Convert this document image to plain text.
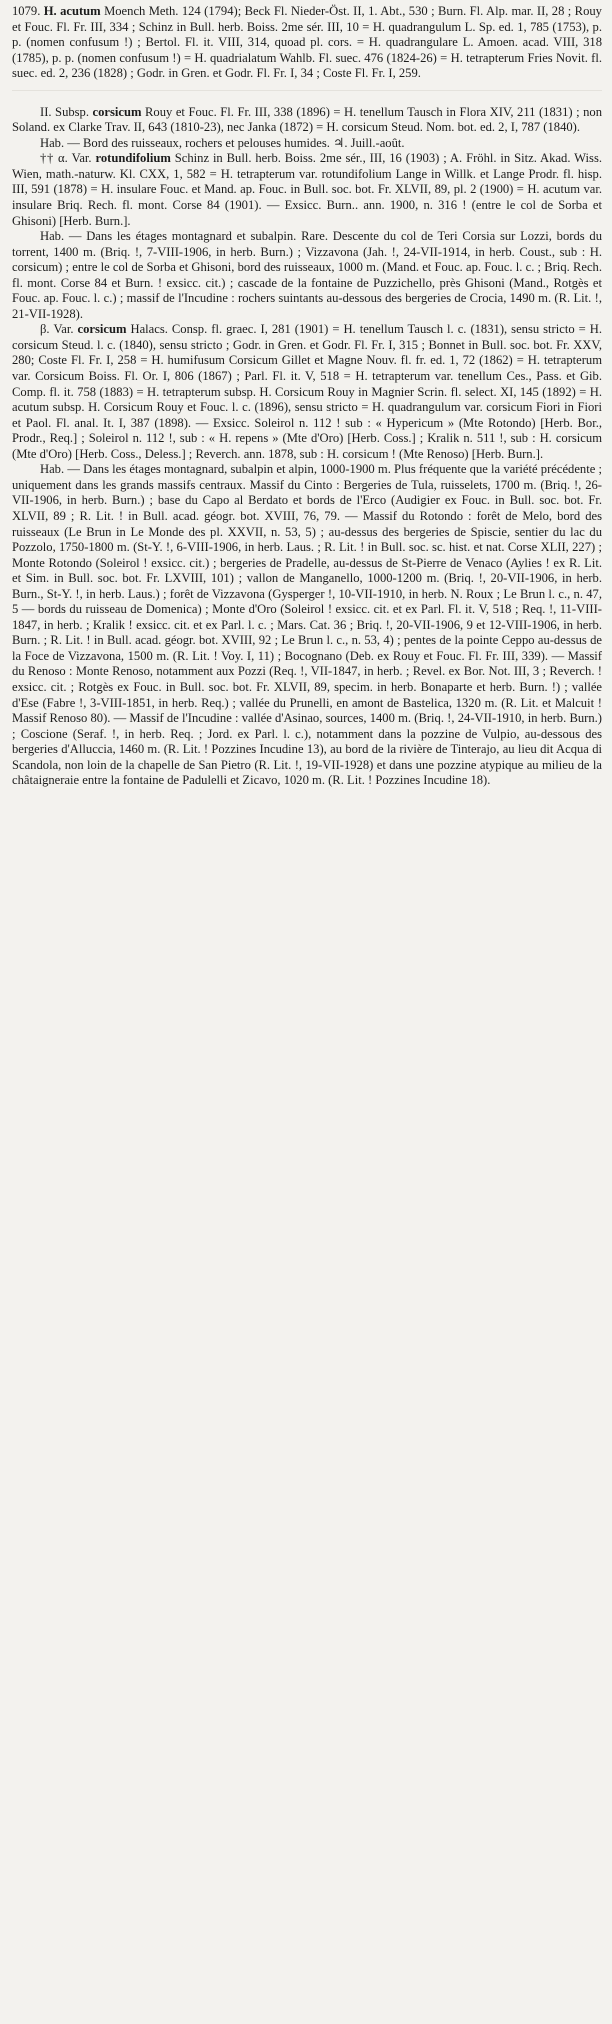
1079. H. acutum Moench Meth. 124 (1794); Beck Fl. Nieder-Öst. II, 1. Abt., 530 ; Burn. Fl. Alp. mar. II, 28 ; Rouy et Fouc. Fl. Fr. III, 334 ; Schinz in Bull. herb. Boiss. 2me sér. III, 10 = H. quadrangulum L. Sp. ed. 1, 785 (1753), p. p. (nomen confusum !) ; Bertol. Fl. it. VIII, 314, quoad pl. cors. = H. quadrangulare L. Amoen. acad. VIII, 318 (1785), p. p. (nomen confusum !) = H. quadrialatum Wahlb. Fl. suec. 476 (1824-26) = H. tetrapterum Fries Novit. fl. suec. ed. 2, 236 (1828) ; Godr. in Gren. et Godr. Fl. Fr. I, 34 ; Coste Fl. Fr. I, 259.

II. Subsp. corsicum Rouy et Fouc. Fl. Fr. III, 338 (1896) = H. tenellum Tausch in Flora XIV, 211 (1831) ; non Soland. ex Clarke Trav. II, 643 (1810-23), nec Janka (1872) = H. corsicum Steud. Nom. bot. ed. 2, I, 787 (1840).

Hab. — Bord des ruisseaux, rochers et pelouses humides. ♃. Juill.-août.

†† α. Var. rotundifolium Schinz in Bull. herb. Boiss. 2me sér., III, 16 (1903) ; A. Fröhl. in Sitz. Akad. Wiss. Wien, math.-naturw. Kl. CXX, 1, 582 = H. tetrapterum var. rotundifolium Lange in Willk. et Lange Prodr. fl. hisp. III, 591 (1878) = H. insulare Fouc. et Mand. ap. Fouc. in Bull. soc. bot. Fr. XLVII, 89, pl. 2 (1900) = H. acutum var. insulare Briq. Rech. fl. mont. Corse 84 (1901). — Exsicc. Burn.. ann. 1900, n. 316 ! (entre le col de Sorba et Ghisoni) [Herb. Burn.].

Hab. — Dans les étages montagnard et subalpin. Rare. Descente du col de Teri Corsia sur Lozzi, bords du torrent, 1400 m. (Briq. !, 7-VIII-1906, in herb. Burn.) ; Vizzavona (Jah. !, 24-VII-1914, in herb. Coust., sub : H. corsicum) ; entre le col de Sorba et Ghisoni, bord des ruisseaux, 1000 m. (Mand. et Fouc. ap. Fouc. l. c. ; Briq. Rech. fl. mont. Corse 84 et Burn. ! exsicc. cit.) ; cascade de la fontaine de Puzzichello, près Ghisoni (Mand., Rotgès et Fouc. ap. Fouc. l. c.) ; massif de l'Incudine : rochers suintants au-dessous des bergeries de Crocia, 1490 m. (R. Lit. !, 21-VII-1928).

β. Var. corsicum Halacs. Consp. fl. graec. I, 281 (1901) = H. tenellum Tausch l. c. (1831), sensu stricto = H. corsicum Steud. l. c. (1840), sensu stricto ; Godr. in Gren. et Godr. Fl. Fr. I, 315 ; Bonnet in Bull. soc. bot. Fr. XXV, 280; Coste Fl. Fr. I, 258 = H. humifusum Corsicum Gillet et Magne Nouv. fl. fr. ed. 1, 72 (1862) = H. tetrapterum var. Corsicum Boiss. Fl. Or. I, 806 (1867) ; Parl. Fl. it. V, 518 = H. tetrapterum var. tenellum Ces., Pass. et Gib. Comp. fl. it. 758 (1883) = H. tetrapterum subsp. H. Corsicum Rouy in Magnier Scrin. fl. select. XI, 145 (1892) = H. acutum subsp. H. Corsicum Rouy et Fouc. l. c. (1896), sensu stricto = H. quadrangulum var. corsicum Fiori in Fiori et Paol. Fl. anal. It. I, 387 (1898). — Exsicc. Soleirol n. 112 ! sub : « Hypericum » (Mte Rotondo) [Herb. Bor., Prodr., Req.] ; Soleirol n. 112 !, sub : « H. repens » (Mte d'Oro) [Herb. Coss.] ; Kralik n. 511 !, sub : H. corsicum (Mte d'Oro) [Herb. Coss., Deless.] ; Reverch. ann. 1878, sub : H. corsicum ! (Mte Renoso) [Herb. Burn.].

Hab. — Dans les étages montagnard, subalpin et alpin, 1000-1900 m. Plus fréquente que la variété précédente ; uniquement dans les grands massifs centraux. Massif du Cinto : Bergeries de Tula, ruisselets, 1700 m. (Briq. !, 26-VII-1906, in herb. Burn.) ; base du Capo al Berdato et bords de l'Erco (Audigier ex Fouc. in Bull. soc. bot. Fr. XLVII, 89 ; R. Lit. ! in Bull. acad. géogr. bot. XVIII, 76, 79. — Massif du Rotondo : forêt de Melo, bord des ruisseaux (Le Brun in Le Monde des pl. XXVII, n. 53, 5) ; au-dessus des bergeries de Spiscie, sentier du lac du Pozzolo, 1750-1800 m. (St-Y. !, 6-VIII-1906, in herb. Laus. ; R. Lit. ! in Bull. soc. sc. hist. et nat. Corse XLII, 227) ; Monte Rotondo (Soleirol ! exsicc. cit.) ; bergeries de Pradelle, au-dessus de St-Pierre de Venaco (Aylies ! ex R. Lit. et Sim. in Bull. soc. bot. Fr. LXVIII, 101) ; vallon de Manganello, 1000-1200 m. (Briq. !, 20-VII-1906, in herb. Burn., St-Y. !, in herb. Laus.) ; forêt de Vizzavona (Gysperger !, 10-VII-1910, in herb. N. Roux ; Le Brun l. c., n. 47, 5 — bords du ruisseau de Domenica) ; Monte d'Oro (Soleirol ! exsicc. cit. et ex Parl. Fl. it. V, 518 ; Req. !, 11-VIII-1847, in herb. ; Kralik ! exsicc. cit. et ex Parl. l. c. ; Mars. Cat. 36 ; Briq. !, 20-VII-1906, 9 et 12-VIII-1906, in herb. Burn. ; R. Lit. ! in Bull. acad. géogr. bot. XVIII, 92 ; Le Brun l. c., n. 53, 4) ; pentes de la pointe Ceppo au-dessus de la Foce de Vizzavona, 1500 m. (R. Lit. ! Voy. I, 11) ; Bocognano (Deb. ex Rouy et Fouc. Fl. Fr. III, 339). — Massif du Renoso : Monte Renoso, notamment aux Pozzi (Req. !, VII-1847, in herb. ; Revel. ex Bor. Not. III, 3 ; Reverch. ! exsicc. cit. ; Rotgès ex Fouc. in Bull. soc. bot. Fr. XLVII, 89, specim. in herb. Bonaparte et herb. Burn. !) ; vallée d'Ese (Fabre !, 3-VIII-1851, in herb. Req.) ; vallée du Prunelli, en amont de Bastelica, 1320 m. (R. Lit. et Malcuit ! Massif Renoso 80). — Massif de l'Incudine : vallée d'Asinao, sources, 1400 m. (Briq. !, 24-VII-1910, in herb. Burn.) ; Coscione (Seraf. !, in herb. Req. ; Jord. ex Parl. l. c.), notamment dans la pozzine de Vulpio, au-dessous des bergeries d'Alluccia, 1460 m. (R. Lit. ! Pozzines Incudine 13), au bord de la rivière de Tinterajo, au lieu dit Acqua di Scandola, non loin de la chapelle de San Pietro (R. Lit. !, 19-VII-1928) et dans une pozzine atypique au milieu de la châtaigneraie entre la fontaine de Padulelli et Zicavo, 1020 m. (R. Lit. ! Pozzines Incudine 18).
